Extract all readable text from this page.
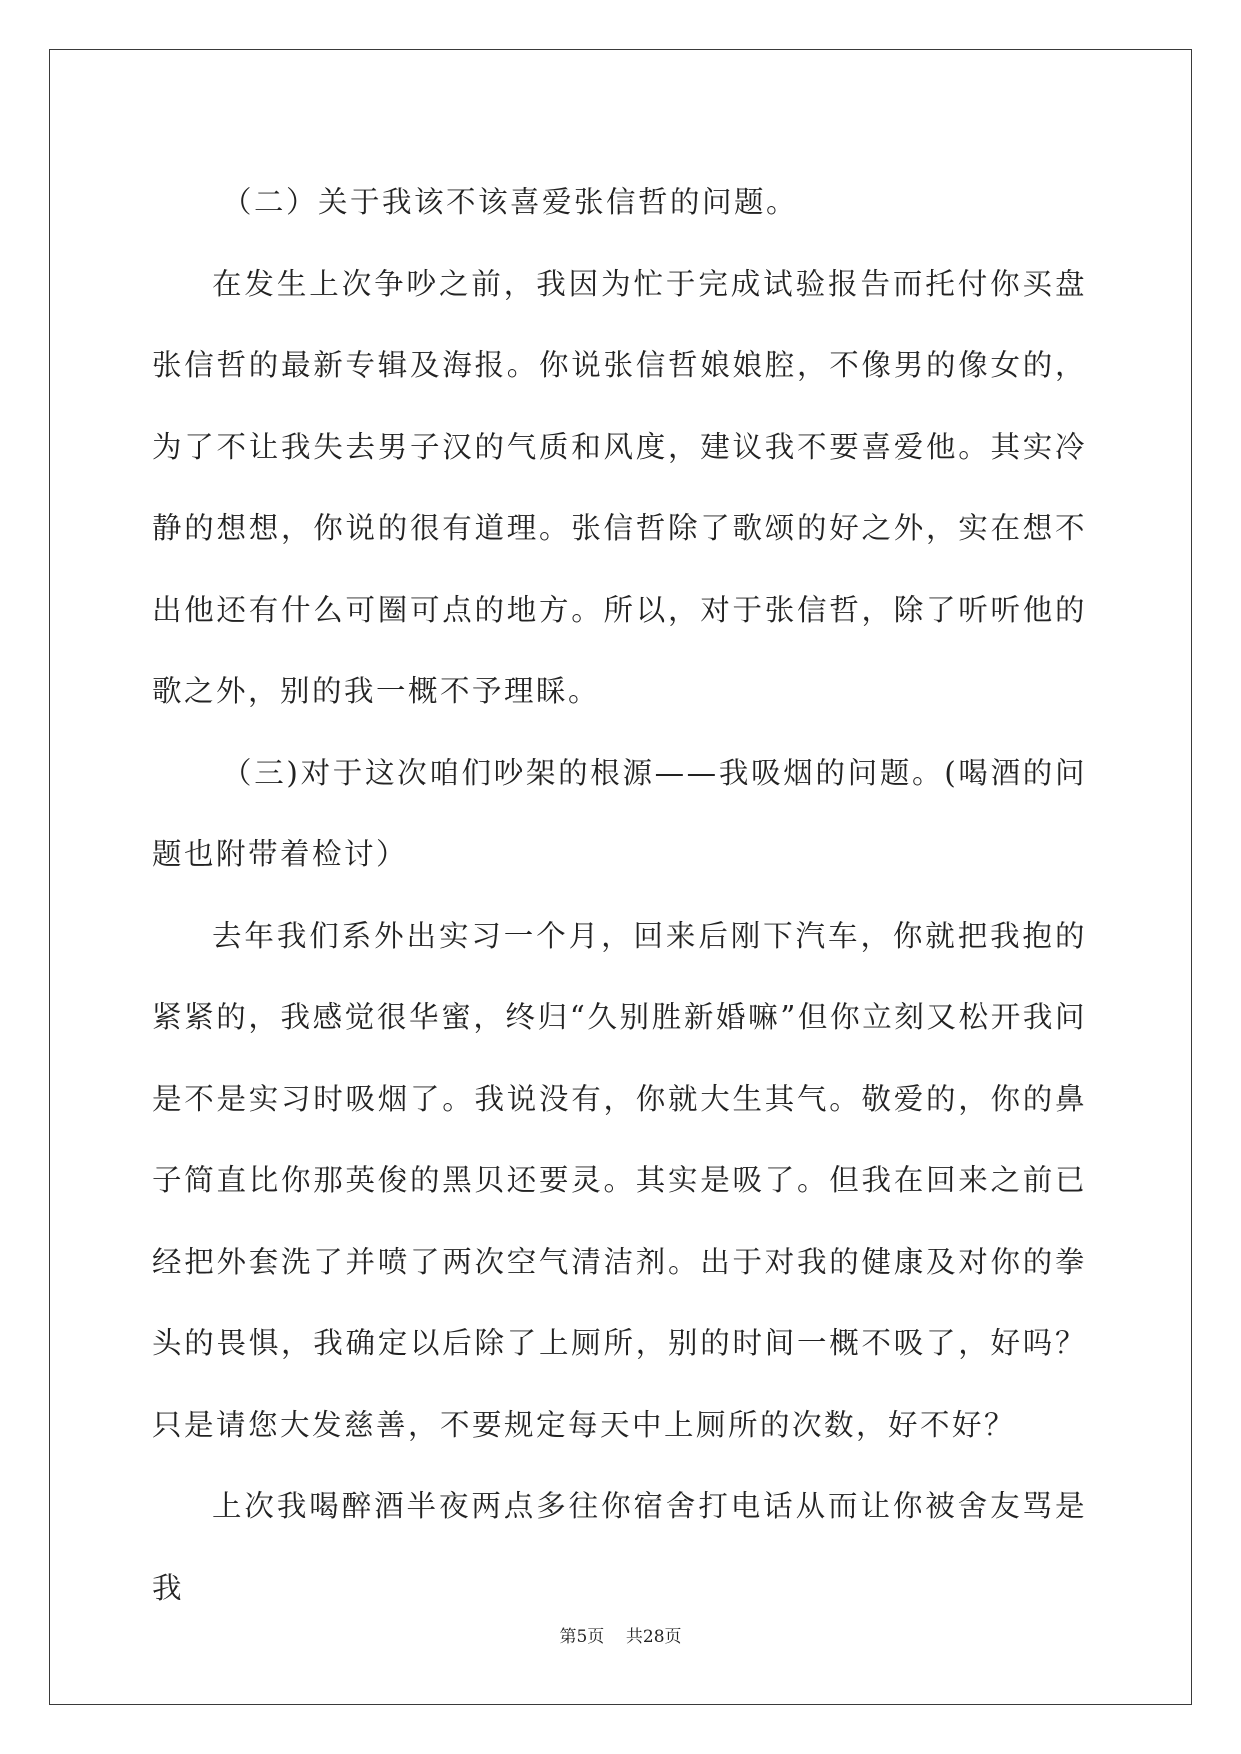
（二）关于我该不该喜爱张信哲的问题。

在发生上次争吵之前，我因为忙于完成试验报告而托付你买盘张信哲的最新专辑及海报。你说张信哲娘娘腔，不像男的像女的，为了不让我失去男子汉的气质和风度，建议我不要喜爱他。其实冷静的想想，你说的很有道理。张信哲除了歌颂的好之外，实在想不出他还有什么可圈可点的地方。所以，对于张信哲，除了听听他的歌之外，别的我一概不予理睬。

（三)对于这次咱们吵架的根源——我吸烟的问题。(喝酒的问题也附带着检讨）

去年我们系外出实习一个月，回来后刚下汽车，你就把我抱的紧紧的，我感觉很华蜜，终归“久别胜新婚嘛”但你立刻又松开我问是不是实习时吸烟了。我说没有，你就大生其气。敬爱的，你的鼻子简直比你那英俊的黑贝还要灵。其实是吸了。但我在回来之前已经把外套洗了并喷了两次空气清洁剂。出于对我的健康及对你的拳头的畏惧，我确定以后除了上厕所，别的时间一概不吸了，好吗？只是请您大发慈善，不要规定每天中上厕所的次数，好不好？

上次我喝醉酒半夜两点多往你宿舍打电话从而让你被舍友骂是我

第5页    共28页
